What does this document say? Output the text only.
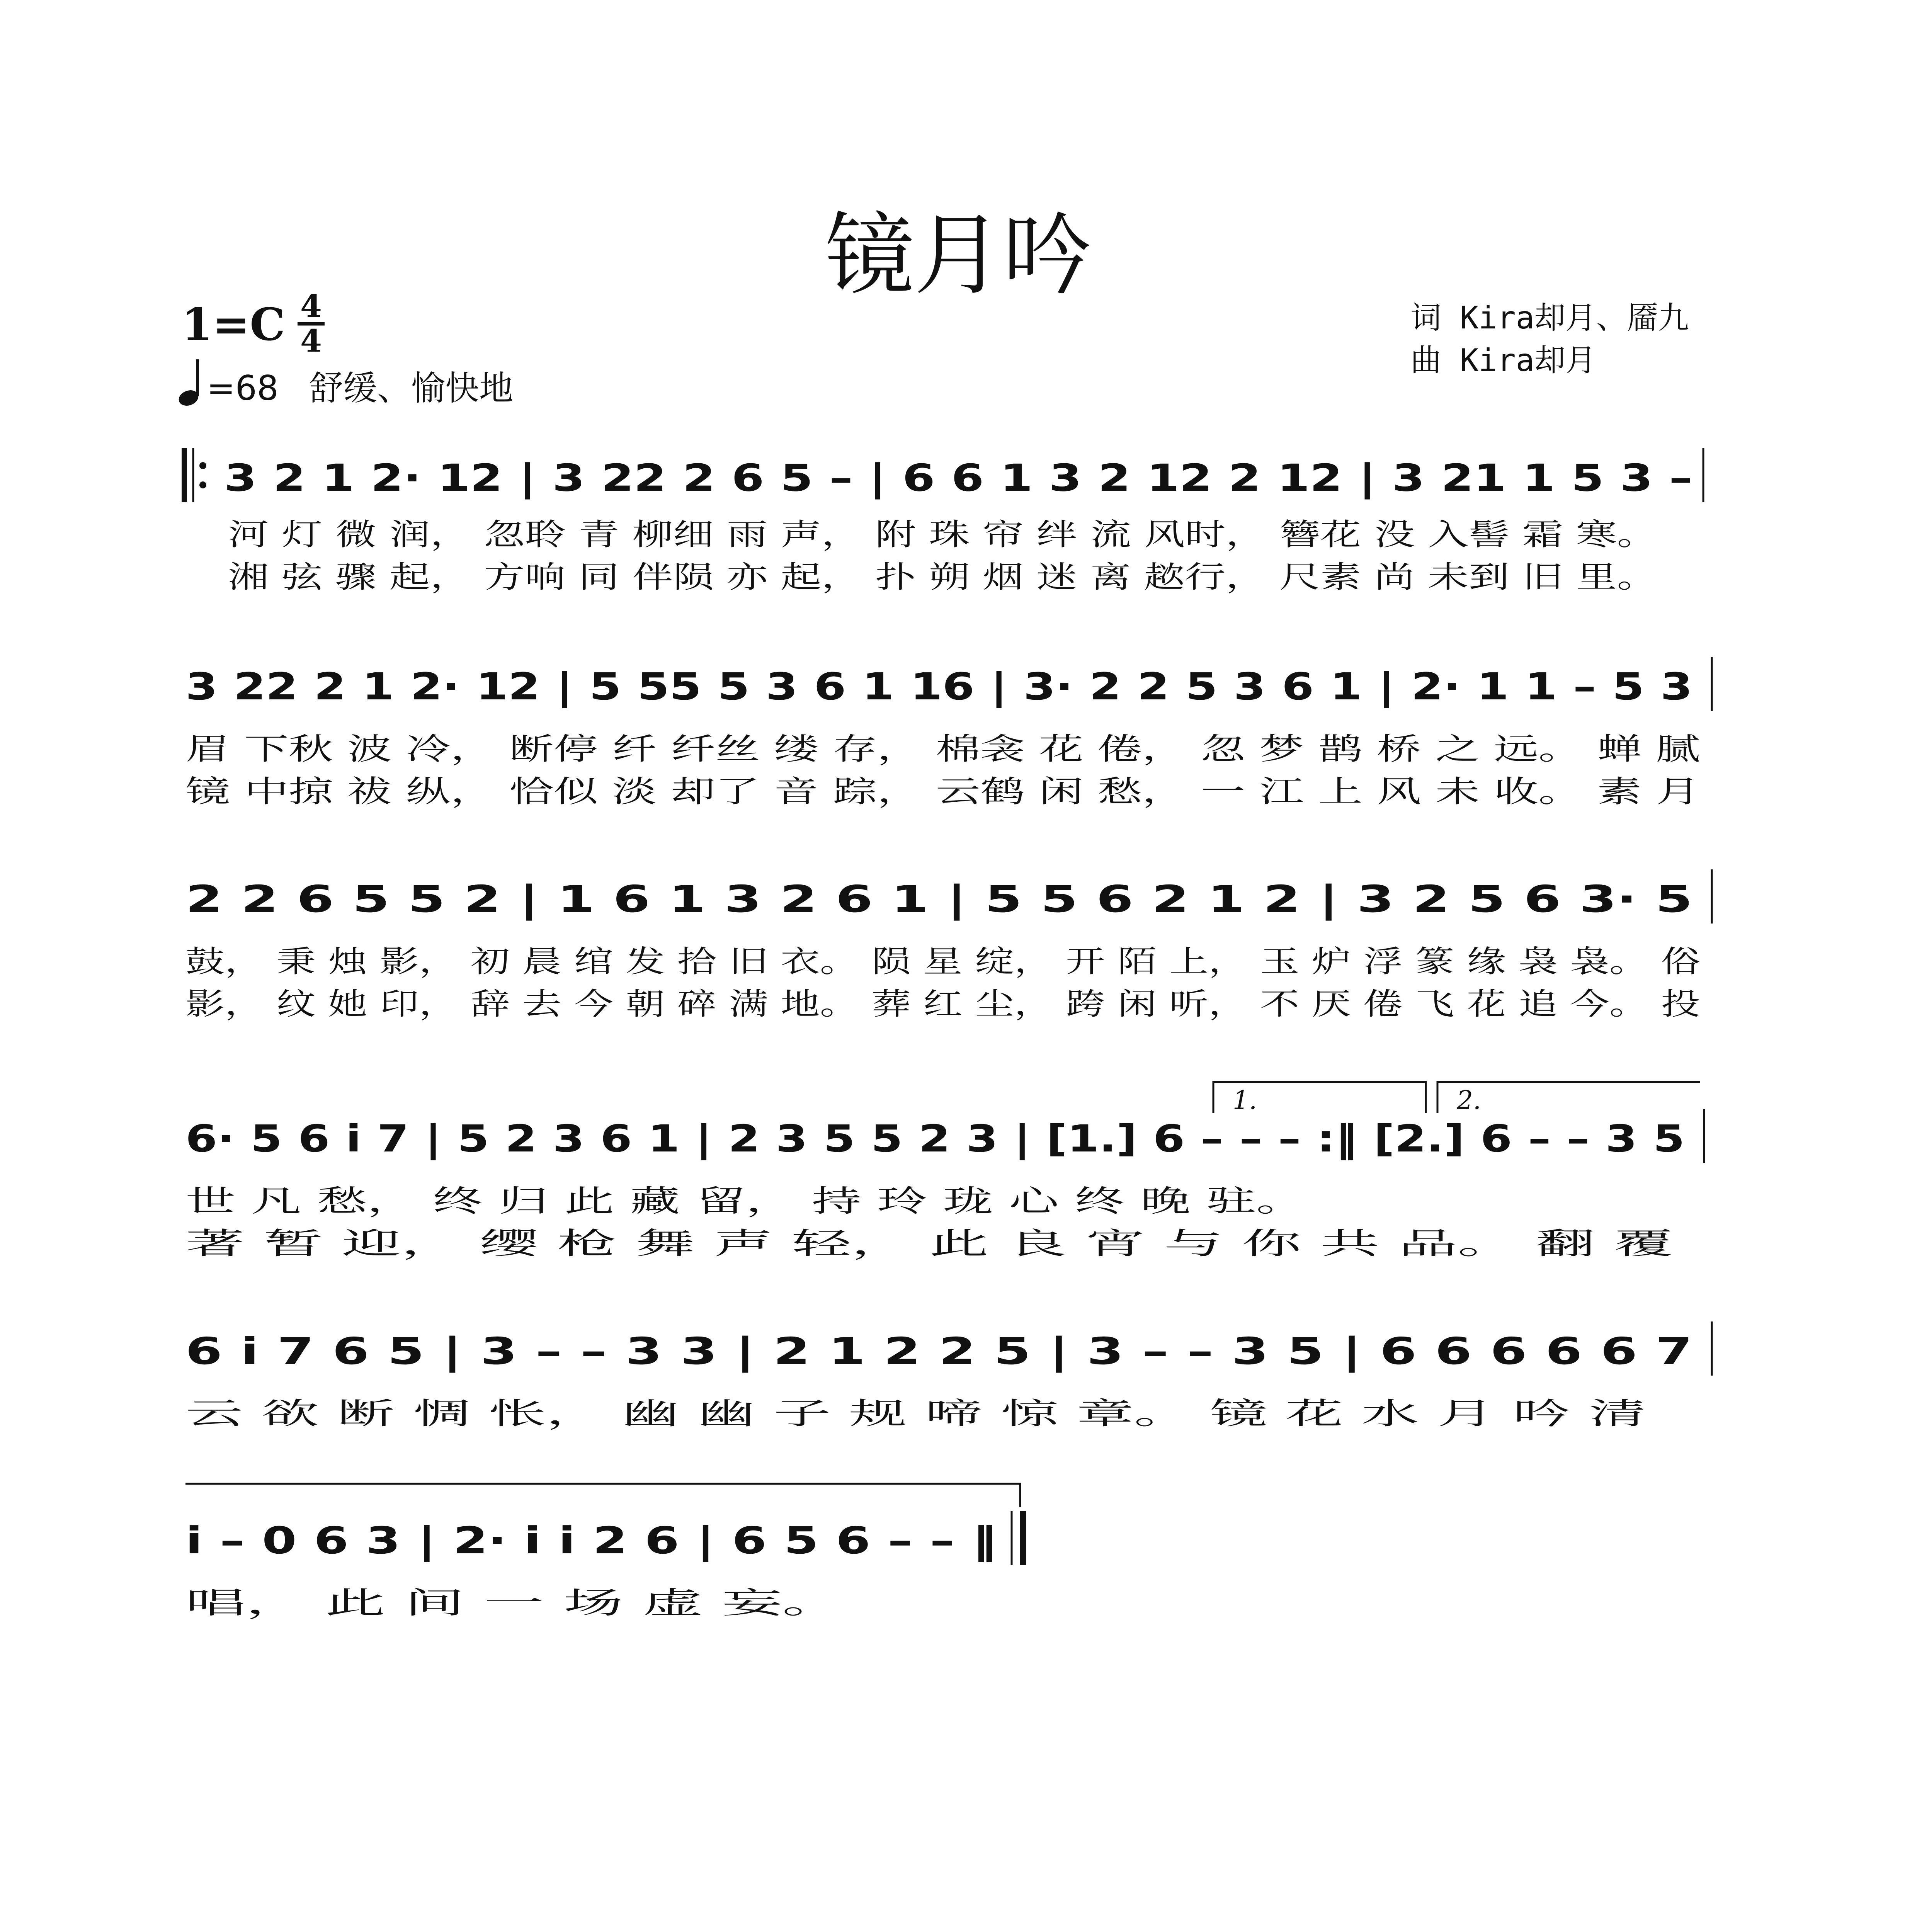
镜月吟
1=C 4
4
=68 舒缓、愉快地
词 Kira却月、靥九
曲 Kira却月
3 2 1 2· 12 | 3 22 2 6 5 – | 6 6 1 3 2 12 2 12 | 3 21 1 5 3 –
河 灯 微 润， 忽聆 青 柳细 雨 声， 附 珠 帘 绊 流 风时， 簪花 没 入髻 霜 寒。
湘 弦 骤 起， 方响 同 伴陨 亦 起， 扑 朔 烟 迷 离 趑行， 尺素 尚 未到 旧 里。
3 22 2 1 2· 12 | 5 55 5 3 6 1 16 | 3· 2 2 5 3 6 1 | 2· 1 1 – 5 3
眉 下秋 波 冷， 断停 纤 纤丝 缕 存， 棉衾 花 倦， 忽 梦 鹊 桥 之 远。 蝉 腻
镜 中掠 祓 纵， 恰似 淡 却了 音 踪， 云鹤 闲 愁， 一 江 上 风 未 收。 素 月
2 2 6 5 5 2 | 1 6 1 3 2 6 1 | 5 5 6 2 1 2 | 3 2 5 6 3· 5
鼓， 秉 烛 影， 初 晨 绾 发 拾 旧 衣。 陨 星 绽， 开 陌 上， 玉 炉 浮 篆 缘 袅 袅。 俗
影， 纹 她 印， 辞 去 今 朝 碎 满 地。 葬 红 尘， 跨 闲 听， 不 厌 倦 飞 花 追 今。 投
1.	2.
6· 5 6 i 7 | 5 2 3 6 1 | 2 3 5 5 2 3 | [1.] 6 – – – :‖ [2.] 6 – – 3 5
世 凡 愁， 终 归 此 藏 留， 持 玲 珑 心 终 晚 驻。
著 暂 迎， 缨 枪 舞 声 轻， 此 良 宵 与 你 共 品。 翻 覆
6 i 7 6 5 | 3 – – 3 3 | 2 1 2 2 5 | 3 – – 3 5 | 6 6 6 6 6 7
云 欲 断 惆 怅， 幽 幽 子 规 啼 惊 章。 镜 花 水 月 吟 清
i – 0 6 3 | 2· i i 2 6 | 6 5 6 – – ‖
唱， 此 间 一 场 虚 妄。
